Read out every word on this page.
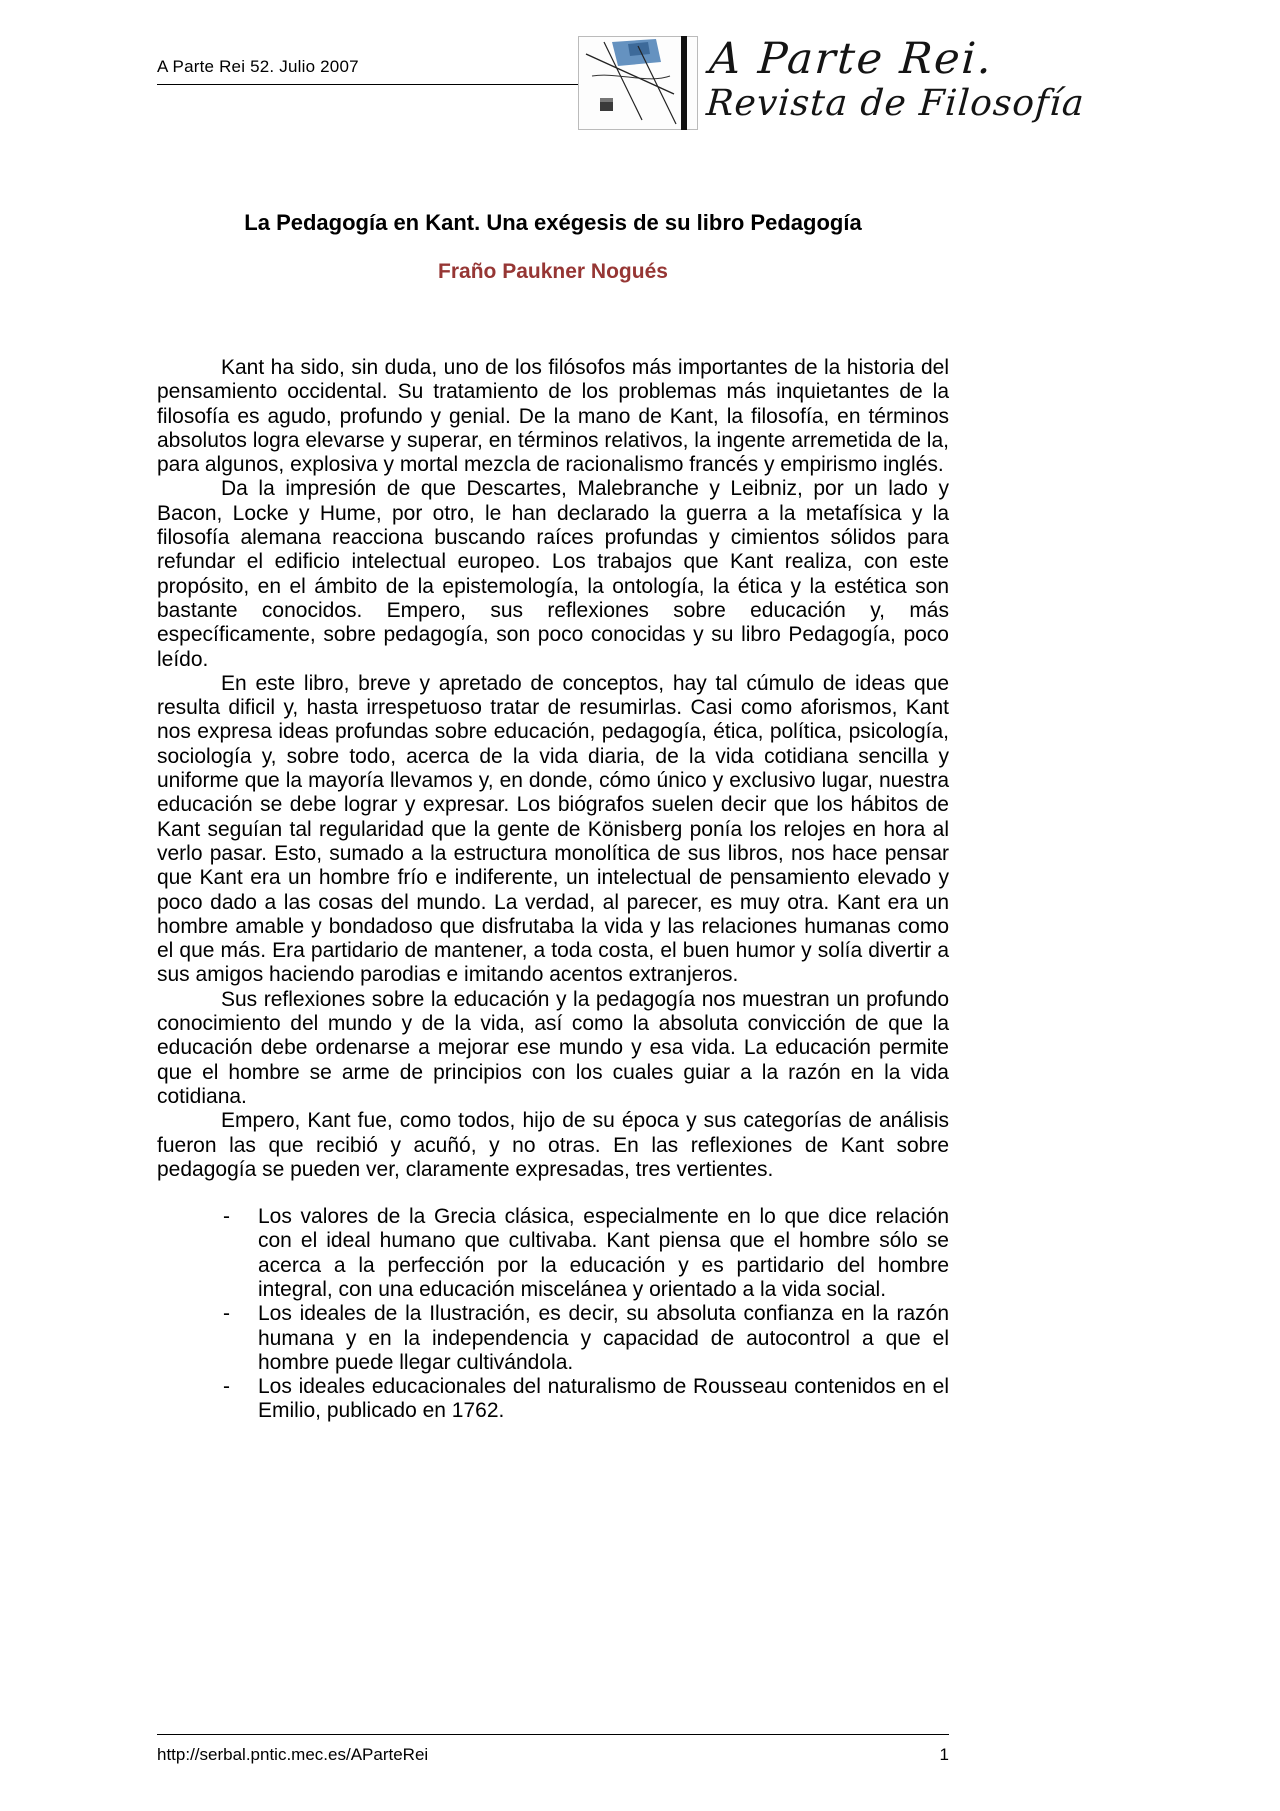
A Parte Rei 52. Julio 2007	A Parte Rei.
Revista de Filosofía
La Pedagogía en Kant. Una exégesis de su libro Pedagogía
Fraño Paukner Nogués

Kant ha sido, sin duda, uno de los filósofos más importantes de la historia del pensamiento occidental. Su tratamiento de los problemas más inquietantes de la filosofía es agudo, profundo y genial. De la mano de Kant, la filosofía, en términos absolutos logra elevarse y superar, en términos relativos, la ingente arremetida de la, para algunos, explosiva y mortal mezcla de racionalismo francés y empirismo inglés.

Da la impresión de que Descartes, Malebranche y Leibniz, por un lado y Bacon, Locke y Hume, por otro, le han declarado la guerra a la metafísica y la filosofía alemana reacciona buscando raíces profundas y cimientos sólidos para refundar el edificio intelectual europeo. Los trabajos que Kant realiza, con este propósito, en el ámbito de la epistemología, la ontología, la ética y la estética son bastante conocidos. Empero, sus reflexiones sobre educación y, más específicamente, sobre pedagogía, son poco conocidas y su libro Pedagogía, poco leído.

En este libro, breve y apretado de conceptos, hay tal cúmulo de ideas que resulta dificil y, hasta irrespetuoso tratar de resumirlas. Casi como aforismos, Kant nos expresa ideas profundas sobre educación, pedagogía, ética, política, psicología, sociología y, sobre todo, acerca de la vida diaria, de la vida cotidiana sencilla y uniforme que la mayoría llevamos y, en donde, cómo único y exclusivo lugar, nuestra educación se debe lograr y expresar. Los biógrafos suelen decir que los hábitos de Kant seguían tal regularidad que la gente de Könisberg ponía los relojes en hora al verlo pasar. Esto, sumado a la estructura monolítica de sus libros, nos hace pensar que Kant era un hombre frío e indiferente, un intelectual de pensamiento elevado y poco dado a las cosas del mundo. La verdad, al parecer, es muy otra. Kant era un hombre amable y bondadoso que disfrutaba la vida y las relaciones humanas como el que más. Era partidario de mantener, a toda costa, el buen humor y solía divertir a sus amigos haciendo parodias e imitando acentos extranjeros.

Sus reflexiones sobre la educación y la pedagogía nos muestran un profundo conocimiento del mundo y de la vida, así como la absoluta convicción de que la educación debe ordenarse a mejorar ese mundo y esa vida. La educación permite que el hombre se arme de principios con los cuales guiar a la razón en la vida cotidiana.

Empero, Kant fue, como todos, hijo de su época y sus categorías de análisis fueron las que recibió y acuñó, y no otras. En las reflexiones de Kant sobre pedagogía se pueden ver, claramente expresadas, tres vertientes.

- Los valores de la Grecia clásica, especialmente en lo que dice relación con el ideal humano que cultivaba. Kant piensa que el hombre sólo se acerca a la perfección por la educación y es partidario del hombre integral, con una educación miscelánea y orientado a la vida social.
- Los ideales de la Ilustración, es decir, su absoluta confianza en la razón humana y en la independencia y capacidad de autocontrol a que el hombre puede llegar cultivándola.
- Los ideales educacionales del naturalismo de Rousseau contenidos en el Emilio, publicado en 1762.
http://serbal.pntic.mec.es/AParteRei	1
